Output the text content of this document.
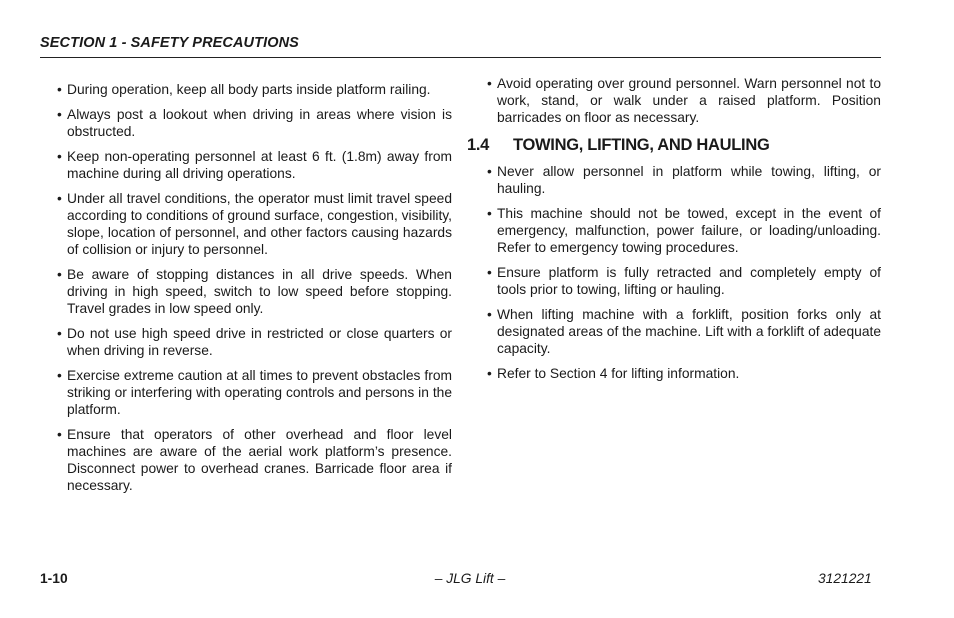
SECTION 1 - SAFETY PRECAUTIONS
• During operation, keep all body parts inside platform railing.
• Always post a lookout when driving in areas where vision is obstructed.
• Keep non-operating personnel at least 6 ft. (1.8m) away from machine during all driving operations.
• Under all travel conditions, the operator must limit travel speed according to conditions of ground surface, congestion, visibility, slope, location of personnel, and other factors causing hazards of collision or injury to personnel.
• Be aware of stopping distances in all drive speeds. When driving in high speed, switch to low speed before stopping. Travel grades in low speed only.
• Do not use high speed drive in restricted or close quarters or when driving in reverse.
• Exercise extreme caution at all times to prevent obstacles from striking or interfering with operating controls and persons in the platform.
• Ensure that operators of other overhead and floor level machines are aware of the aerial work platform’s presence. Disconnect power to overhead cranes. Barricade floor area if necessary.
• Avoid operating over ground personnel. Warn personnel not to work, stand, or walk under a raised platform. Position barricades on floor as necessary.
1.4	TOWING, LIFTING, AND HAULING
• Never allow personnel in platform while towing, lifting, or hauling.
• This machine should not be towed, except in the event of emergency, malfunction, power failure, or loading/unloading. Refer to emergency towing procedures.
• Ensure platform is fully retracted and completely empty of tools prior to towing, lifting or hauling.
• When lifting machine with a forklift, position forks only at designated areas of the machine. Lift with a forklift of adequate capacity.
• Refer to Section 4 for lifting information.
1-10	– JLG Lift –	3121221
